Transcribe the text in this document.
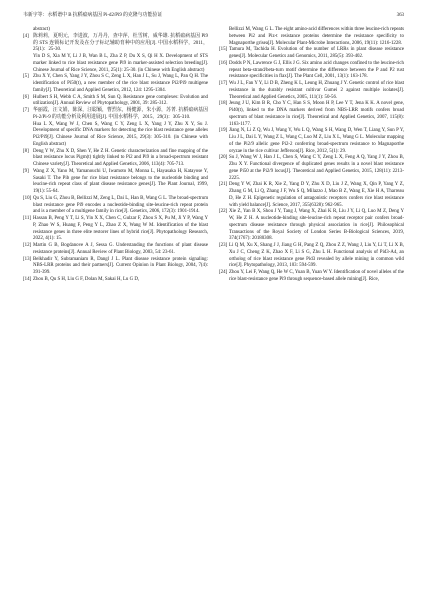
韦新宇等：水稻谱中 B 抗稻瘟病基因 Pi-d2/Pi9 的克隆与功能验证	363
abstract)
[4] 陈莉莉，夏明元，李进波，万丹丹，查中萍，杜雪树，威华雄. 抗稻瘟病基因 Pi9 的 STS 连锁标记开发及在分子标记辅助育种中的应用[J]. 中国水稻科学，2011，25(1)：25-30.
Yin D S, Xia M Y, Li J B, Wan B L, Zha Z P, Du X S, Qi H X. Development of STS marker linked to rice blast resistance gene Pi9 in marker-assisted selection breeding[J]. Chinese Journal of Rice Science, 2011, 25(1): 25-30. (in Chinese with English abstract)
[5] Zhu X Y, Chen S, Yang J Y, Zhou S C, Zeng L X, Han J L, Su J, Wang L, Pan Q H. The identification of Pi50(t), a new member of the rice blast resistance Pi2/Pi9 multigene family[J]. Theoretical and Applied Genetics, 2012, 124: 1295-1304.
[6] Hulbert S H, Webb C A, Smith S M, Sun Q. Resistance gene complexes: Evolution and utilization[J]. Annual Review of Phytopathology, 2001, 39: 285-312.
[7] 华丽霞，汪文娟，陈深，汪聪颖，曹烈东，杨健源，朱小源，苏菁. 抗稻瘟病基因 Pi-2/Pi-9 的功能分析及利用进展[J]. 中国水稻科学，2015，29(3)：305-310.
Hua L X, Wang W J, Chen S, Wang C Y, Zeng L X, Yang J Y, Zhu X Y, Su J. Development of specific DNA markers for detecting the rice blast resistance gene alleles Pi2/Pi9[J]. Chinese Journal of Rice Science, 2015, 29(3): 305-310. (in Chinese with English abstract)
[8] Deng Y W, Zhu X D, Shen Y, He Z H. Genetic characterization and fine mapping of the blast resistance locus Pigm(t) tightly linked to Pi2 and Pi9 in a broad-spectrum resistant Chinese variety[J]. Theoretical and Applied Genetics, 2006, 113(4): 705-713.
[9] Wang Z X, Yano M, Yamanouchi U, Iwamoto M, Monna L, Hayasaka H, Katayose Y, Sasaki T. The Pib gene for rice blast resistance belongs to the nucleotide binding and leucine-rich repeat class of plant disease resistance genes[J]. The Plant Journal, 1999, 19(1): 55-64.
[10] Qu S, Liu G, Zhou B, Bellizzi M, Zeng L, Dai L, Han B, Wang G L. The broad-spectrum blast resistance gene Pi9 encodes a nucleotide-binding site-leucine-rich repeat protein and is a member of a multigene family in rice[J]. Genetics, 2006, 172(3): 1901-1914.
[11] Hassan B, Peng Y T, Li S, Yin X X, Chen C, Gulzar F, Zhou S X, Pu M, Ji Y P, Wang Y P, Zhao W S, Huang F, Peng Y L, Zhao Z X, Wang W M. Identification of the blast resistance genes in three elite restorer lines of hybrid rice[J]. Phytopathology Research, 2022, 4(1): 15.
[12] Martin G B, Bogdanove A J, Sessa G. Understanding the functions of plant disease resistance proteins[J]. Annual Review of Plant Biology, 2003, 54: 23-61.
[13] Belkhadir Y, Subramaniam R, Dangl J L. Plant disease resistance protein signaling: NBS-LRR proteins and their partners[J]. Current Opinion in Plant Biology, 2004, 7(4): 391-399.
[14] Zhou B, Qu S H, Liu G F, Dolan M, Sakai H, Lu G D,
Bellizzi M, Wang G L. The eight amino-acid differences within three leucine-rich repeats between Pi2 and Piz-t resistance proteins determine the resistance specificity to Magnaporthe grisea[J]. Molecular Plant-Microbe Interactions, 2006, 19(11): 1216-1228.
[15] Tamura M, Tachida H. Evolution of the number of LRRs in plant disease resistance genes[J]. Molecular Genetics and Genomics, 2011, 285(5): 393-402.
[16] Dodds P N, Lawrence G J, Ellis J G. Six amino acid changes confined to the leucine-rich repeat beta-strand/beta-turn motif determine the difference between the P and P2 rust resistance specificities in flax[J]. The Plant Cell, 2001, 13(1): 163-178.
[17] Wu J L, Fan Y Y, Li D B, Zheng K L, Leung H, Zhuang J Y. Genetic control of rice blast resistance in the durably resistant cultivar Gumei 2 against multiple isolates[J]. Theoretical and Applied Genetics, 2005, 111(1): 50-56.
[18] Jeung J U, Kim B R, Cho Y C, Han S S, Moon H P, Lee Y T, Jena K K. A novel gene, Pi40(t), linked to the DNA markers derived from NBS-LRR motifs confers broad spectrum of blast resistance in rice[J]. Theoretical and Applied Genetics, 2007, 115(8): 1163-1177.
[19] Jiang N, Li Z Q, Wu J, Wang Y, Wu L Q, Wang S H, Wang D, Wen T, Liang Y, Sun P Y, Liu J L, Dai L Y, Wang Z L, Wang C, Luo M Z, Liu X L, Wang G L. Molecular mapping of the Pi2/9 allelic gene Pi2-2 conferring broad-spectrum resistance to Magnaporthe oryzae in the rice cultivar Jefferson[J]. Rice, 2012, 5(1): 29.
[20] Su J, Wang W J, Han J L, Chen S, Wang C Y, Zeng L X, Feng A Q, Yang J Y, Zhou B, Zhu X Y. Functional divergence of duplicated genes results in a novel blast resistance gene Pi50 at the Pi2/9 locus[J]. Theoretical and Applied Genetics, 2015, 128(11): 2213-2225.
[21] Deng Y W, Zhai K R, Xie Z, Yang D Y, Zhu X D, Liu J Z, Wang X, Qin P, Yang Y Z, Zhang G M, Li Q, Zhang J F, Wu S Q, Milazzo J, Mao B Z, Wang E, Xie H A, Tharreau D, He Z H. Epigenetic regulation of antagonistic receptors confers rice blast resistance with yield balance[J]. Science, 2017, 355(6328): 962-965.
[22] Xie Z, Yan B X, Shou J Y, Tang J, Wang X, Zhai K R, Liu J Y, Li Q, Luo M Z, Deng Y W, He Z H. A nucleotide-binding site-leucine-rich repeat receptor pair confers broad-spectrum disease resistance through physical association in rice[J]. Philosophical Transactions of the Royal Society of London Series B-Biological Sciences, 2019, 374(1767): 20180308.
[23] Li Q M, Xu X, Shang J J, Jiang G H, Pang Z Q, Zhou Z Z, Wang J, Liu Y, Li T, Li X B, Xu J C, Cheng Z K, Zhao X F, Li S G, Zhu L H. Functional analysis of Pid3-A4, an ortholog of rice blast resistance gene Pid3 revealed by allele mining in common wild rice[J]. Phytopathology, 2013, 103: 594-599.
[24] Zhou Y, Lei F, Wang Q, He W C, Yuan B, Yuan W Y. Identification of novel alleles of the rice blast-resistance gene Pi9 through sequence-based allele mining[J]. Rice,
